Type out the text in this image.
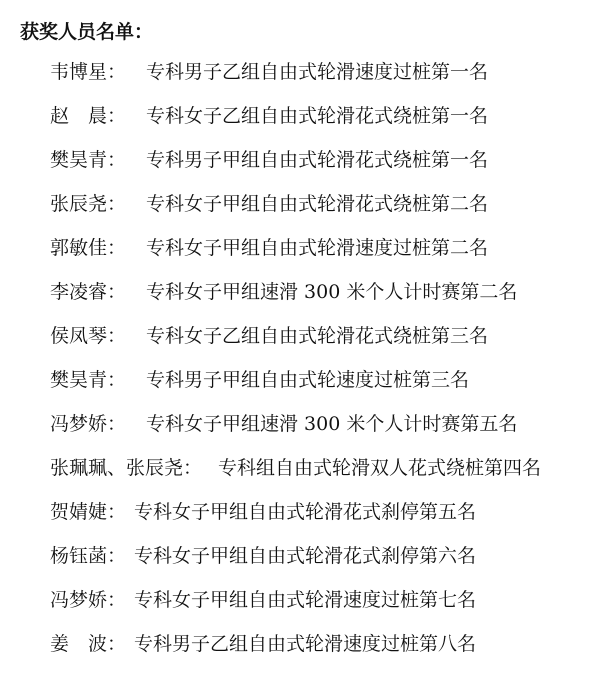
获奖人员名单：
韦博星： 专科男子乙组自由式轮滑速度过桩第一名
赵　晨： 专科女子乙组自由式轮滑花式绕桩第一名
樊昊青： 专科男子甲组自由式轮滑花式绕桩第一名
张辰尧： 专科女子甲组自由式轮滑花式绕桩第二名
郭敏佳： 专科女子甲组自由式轮滑速度过桩第二名
李凌睿： 专科女子甲组速滑 300 米个人计时赛第二名
侯凤琴： 专科女子乙组自由式轮滑花式绕桩第三名
樊昊青： 专科男子甲组自由式轮速度过桩第三名
冯梦娇： 专科女子甲组速滑 300 米个人计时赛第五名
张珮珮、张辰尧： 专科组自由式轮滑双人花式绕桩第四名
贺婧婕： 专科女子甲组自由式轮滑花式刹停第五名
杨钰菡： 专科女子甲组自由式轮滑花式刹停第六名
冯梦娇： 专科女子甲组自由式轮滑速度过桩第七名
姜　波： 专科男子乙组自由式轮滑速度过桩第八名
